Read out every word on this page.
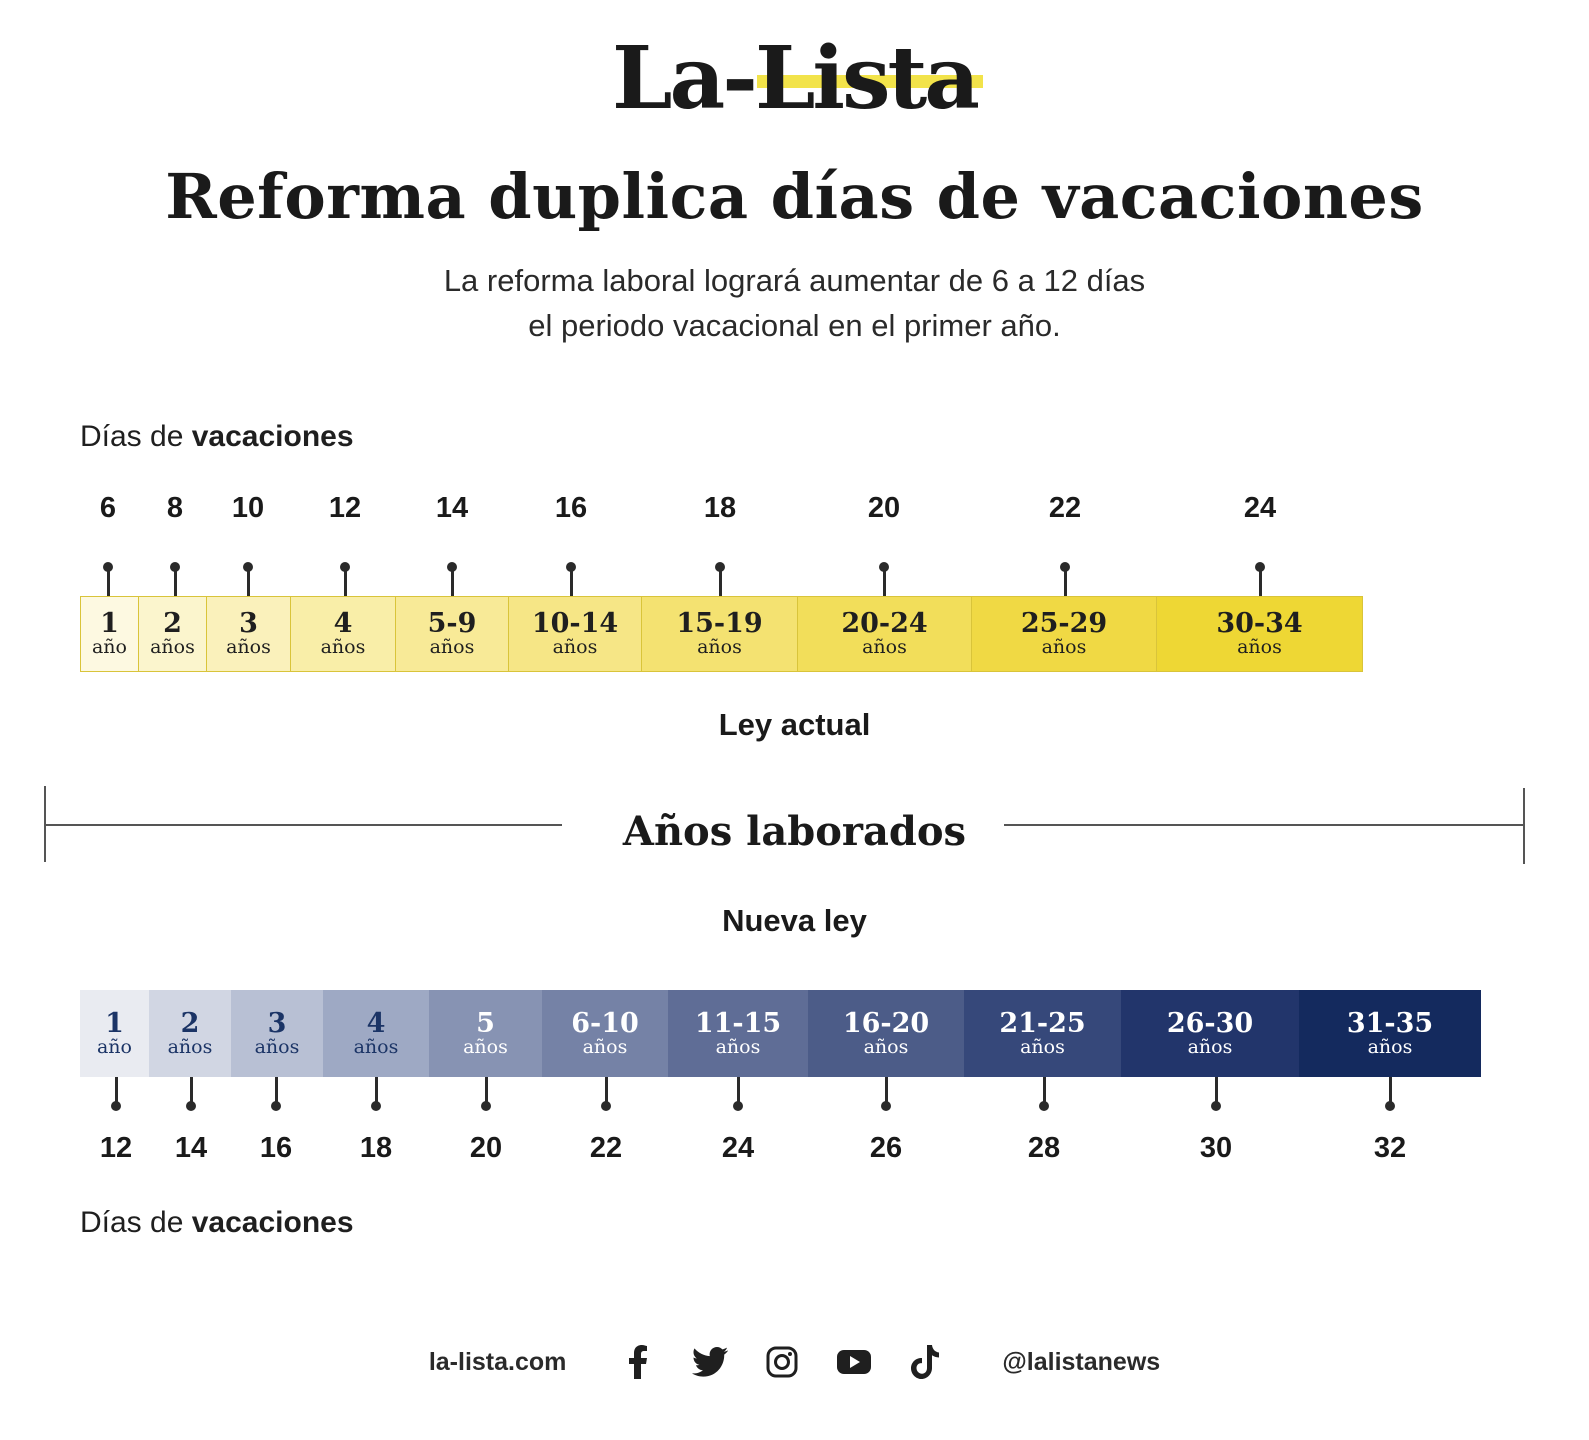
La-Lista
Reforma duplica días de vacaciones
La reforma laboral logrará aumentar de 6 a 12 días
el periodo vacacional en el primer año.
Días de vacaciones
6	8	10	12	14	16	18	20	22	24
1
año
2
años
3
años
4
años
5-9
años
10-14
años
15-19
años
20-24
años
25-29
años
30-34
años
Ley actual
Años laborados
Nueva ley
1
año
2
años
3
años
4
años
5
años
6-10
años
11-15
años
16-20
años
21-25
años
26-30
años
31-35
años
12	14	16	18	20	22	24	26	28	30	32
Días de vacaciones
la-lista.com	@lalistanews
